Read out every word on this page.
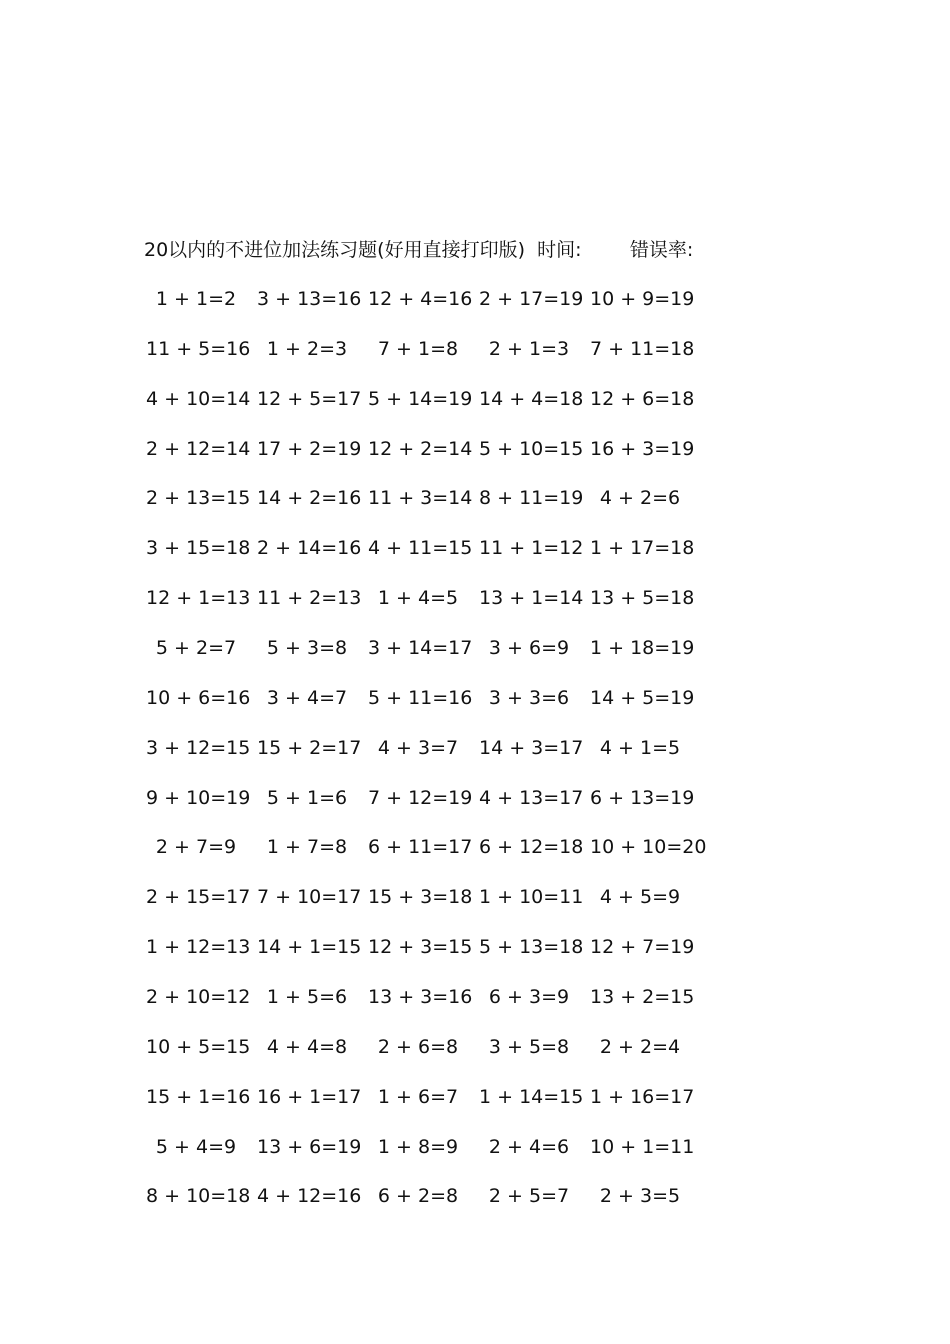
20以内的不进位加法练习题(好用直接打印版) 时间:	错误率:
1 + 1=2	3 + 13=16 12 + 4=16 2 + 17=19 10 + 9=19
11 + 5=16 1 + 2=3	7 + 1=8	2 + 1=3	7 + 11=18
4 + 10=14 12 + 5=17 5 + 14=19 14 + 4=18 12 + 6=18
2 + 12=14 17 + 2=19 12 + 2=14 5 + 10=15 16 + 3=19
2 + 13=15 14 + 2=16 11 + 3=14 8 + 11=19 4 + 2=6
3 + 15=18 2 + 14=16 4 + 11=15 11 + 1=12 1 + 17=18
12 + 1=13 11 + 2=13 1 + 4=5	13 + 1=14 13 + 5=18
5 + 2=7	5 + 3=8	3 + 14=17 3 + 6=9	1 + 18=19
10 + 6=16 3 + 4=7	5 + 11=16 3 + 3=6	14 + 5=19
3 + 12=15 15 + 2=17 4 + 3=7	14 + 3=17 4 + 1=5
9 + 10=19 5 + 1=6	7 + 12=19 4 + 13=17 6 + 13=19
2 + 7=9	1 + 7=8	6 + 11=17 6 + 12=18 10 + 10=20
2 + 15=17 7 + 10=17 15 + 3=18 1 + 10=11 4 + 5=9
1 + 12=13 14 + 1=15 12 + 3=15 5 + 13=18 12 + 7=19
2 + 10=12 1 + 5=6	13 + 3=16 6 + 3=9	13 + 2=15
10 + 5=15 4 + 4=8	2 + 6=8	3 + 5=8	2 + 2=4
15 + 1=16 16 + 1=17 1 + 6=7	1 + 14=15 1 + 16=17
5 + 4=9	13 + 6=19 1 + 8=9	2 + 4=6	10 + 1=11
8 + 10=18 4 + 12=16 6 + 2=8	2 + 5=7	2 + 3=5
